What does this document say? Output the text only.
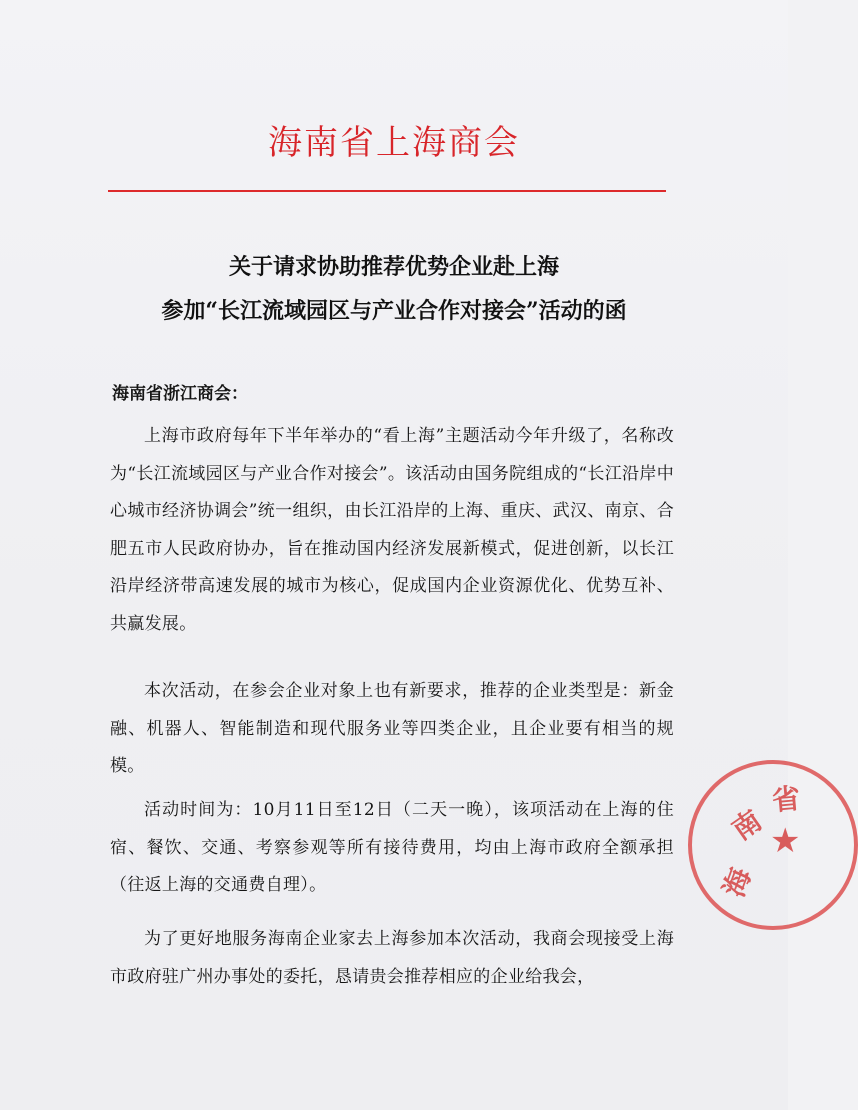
海南省上海商会
关于请求协助推荐优势企业赴上海
参加“长江流域园区与产业合作对接会”活动的函
海南省浙江商会：
上海市政府每年下半年举办的“看上海”主题活动今年升级了，名称改为“长江流域园区与产业合作对接会”。该活动由国务院组成的“长江沿岸中心城市经济协调会”统一组织，由长江沿岸的上海、重庆、武汉、南京、合肥五市人民政府协办，旨在推动国内经济发展新模式，促进创新，以长江沿岸经济带高速发展的城市为核心，促成国内企业资源优化、优势互补、共赢发展。
本次活动，在参会企业对象上也有新要求，推荐的企业类型是：新金融、机器人、智能制造和现代服务业等四类企业，且企业要有相当的规模。
活动时间为：10月11日至12日（二天一晚），该项活动在上海的住宿、餐饮、交通、考察参观等所有接待费用，均由上海市政府全额承担（往返上海的交通费自理）。
为了更好地服务海南企业家去上海参加本次活动，我商会现接受上海市政府驻广州办事处的委托，恳请贵会推荐相应的企业给我会，
★
海
南
省
